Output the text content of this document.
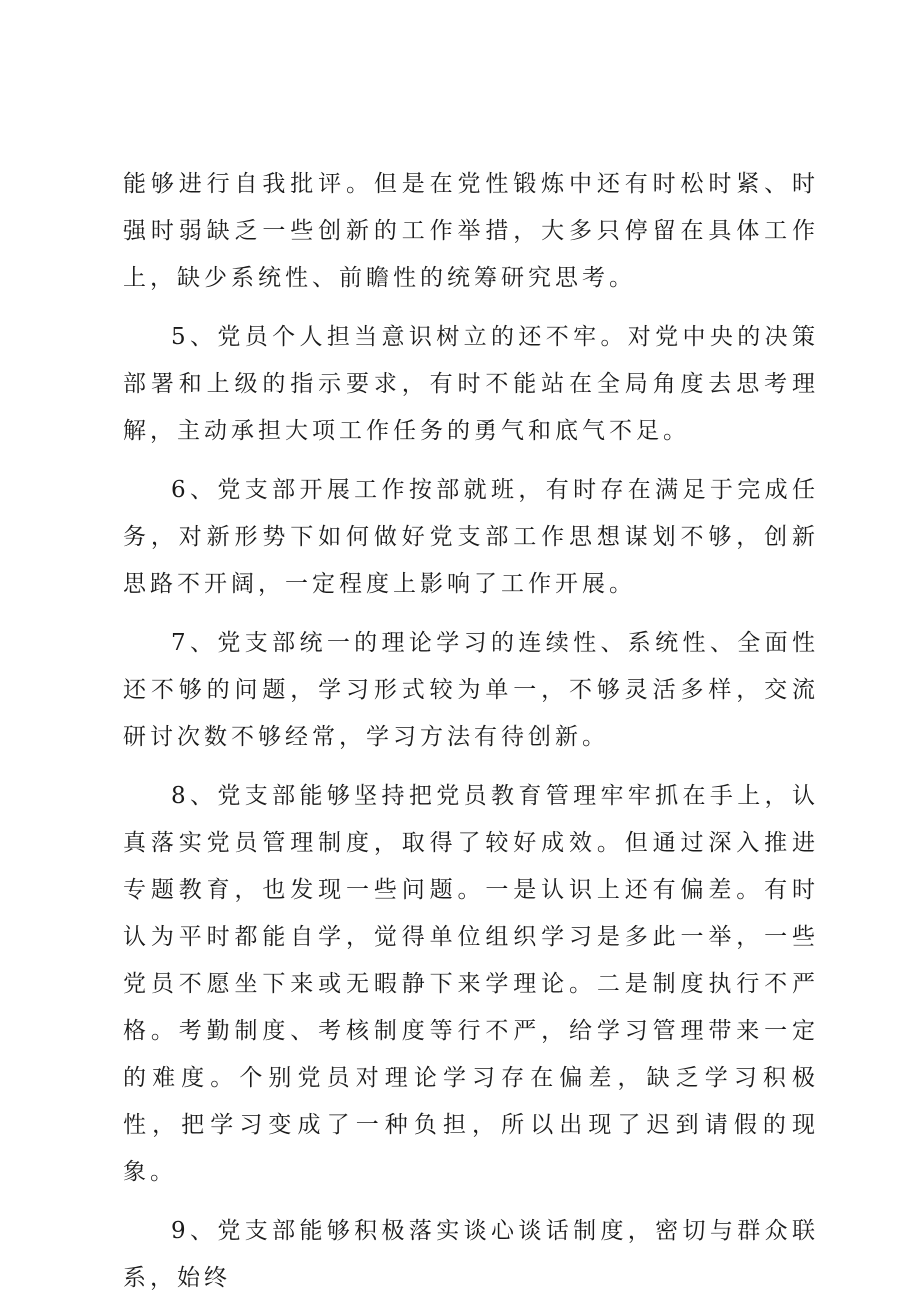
能够进行自我批评。但是在党性锻炼中还有时松时紧、时强时弱缺乏一些创新的工作举措，大多只停留在具体工作上，缺少系统性、前瞻性的统筹研究思考。

5、党员个人担当意识树立的还不牢。对党中央的决策部署和上级的指示要求，有时不能站在全局角度去思考理解，主动承担大项工作任务的勇气和底气不足。

6、党支部开展工作按部就班，有时存在满足于完成任务，对新形势下如何做好党支部工作思想谋划不够，创新思路不开阔，一定程度上影响了工作开展。

7、党支部统一的理论学习的连续性、系统性、全面性还不够的问题，学习形式较为单一，不够灵活多样，交流研讨次数不够经常，学习方法有待创新。

8、党支部能够坚持把党员教育管理牢牢抓在手上，认真落实党员管理制度，取得了较好成效。但通过深入推进专题教育，也发现一些问题。一是认识上还有偏差。有时认为平时都能自学，觉得单位组织学习是多此一举，一些党员不愿坐下来或无暇静下来学理论。二是制度执行不严格。考勤制度、考核制度等行不严，给学习管理带来一定的难度。个别党员对理论学习存在偏差，缺乏学习积极性，把学习变成了一种负担，所以出现了迟到请假的现象。

9、党支部能够积极落实谈心谈话制度，密切与群众联系，始终
